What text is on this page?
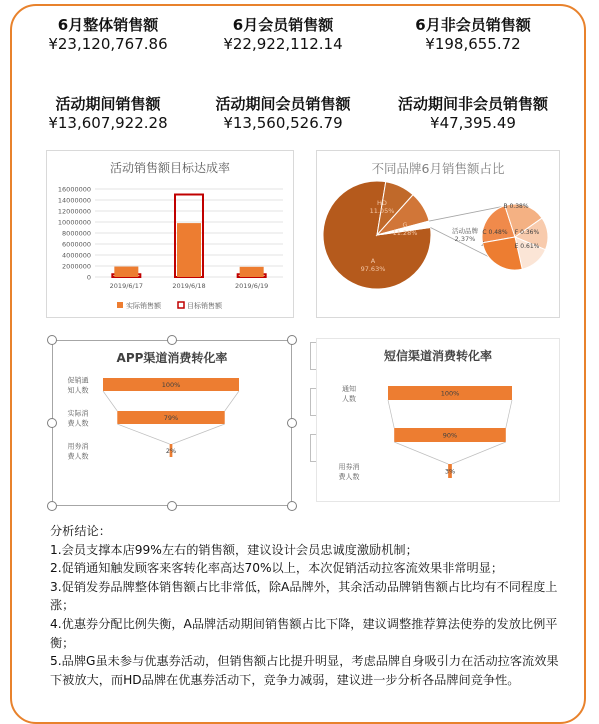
6月整体销售额
¥23,120,767.86
6月会员销售额
¥22,922,112.14
6月非会员销售额
¥198,655.72
活动期间销售额
¥13,607,922.28
活动期间会员销售额
¥13,560,526.79
活动期间非会员销售额
¥47,395.49
活动销售额目标达成率
0
2000000
4000000
6000000
8000000
10000000
12000000
14000000
16000000
2019/6/17	2019/6/18	2019/6/19
实际销售额	目标销售额
不同品牌6月销售额占比
A
97.63%
HD
11.05%
G
11.28%	活动品牌
2.37%
C 0.48%
B 0.38%
F 0.36%
E 0.61%
APP渠道消费转化率
100%
促销通
知人数
79%
实际消
费人数
2%
用券消
费人数
短信渠道消费转化率
100%
通知
人数
90%
3%
用券消
费人数

分析结论：

1.会员支撑本店99%左右的销售额，建议设计会员忠诚度激励机制；

2.促销通知触发顾客来客转化率高达70%以上，本次促销活动拉客流效果非常明显；

3.促销发券品牌整体销售额占比非常低，除A品牌外，其余活动品牌销售额占比均有不同程度上涨；

4.优惠券分配比例失衡，A品牌活动期间销售额占比下降，建议调整推荐算法使券的发放比例平衡；

5.品牌G虽未参与优惠券活动，但销售额占比提升明显，考虑品牌自身吸引力在活动拉客流效果下被放大，而HD品牌在优惠券活动下，竞争力减弱，建议进一步分析各品牌间竞争性。
